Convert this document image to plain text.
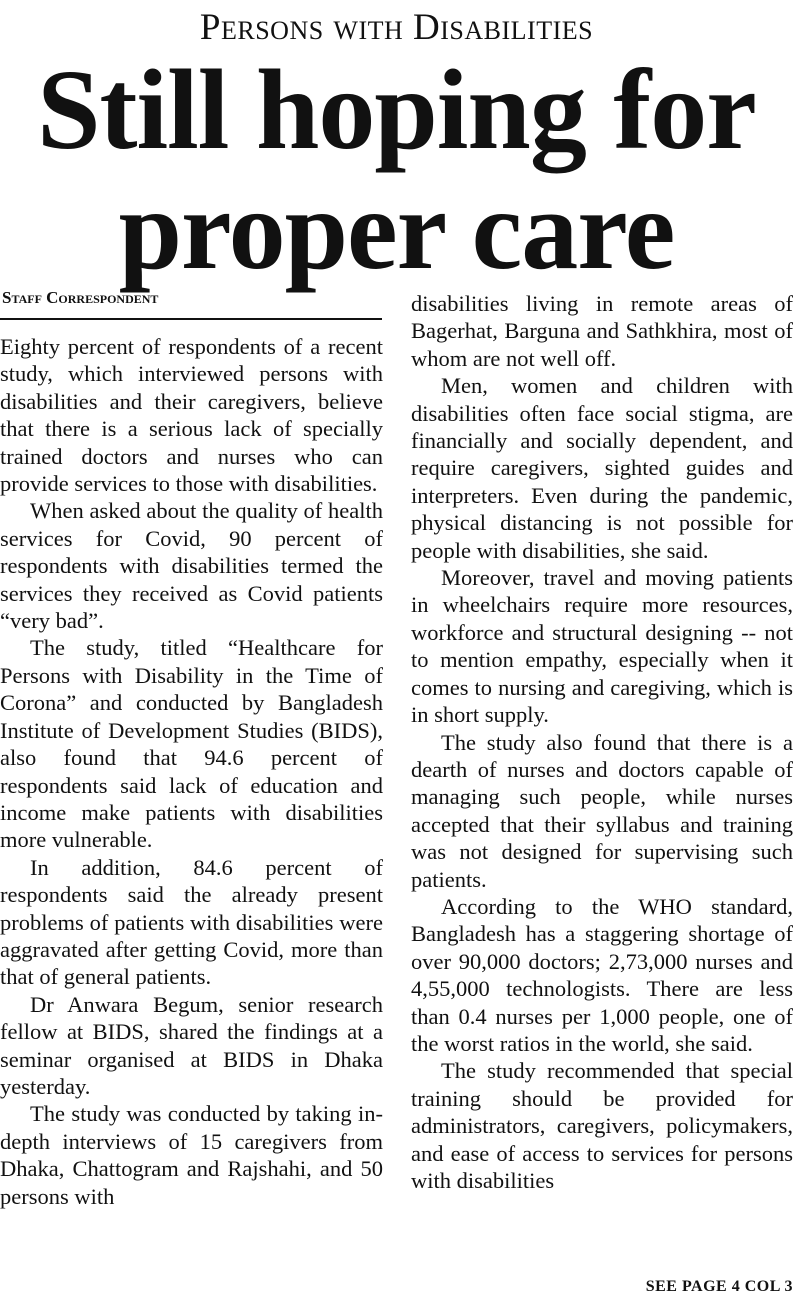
Persons with Disabilities
Still hoping for
proper care
Staff Correspondent

Eighty percent of respondents of a recent study, which interviewed persons with disabilities and their caregivers, believe that there is a serious lack of specially trained doctors and nurses who can provide services to those with disabilities.

When asked about the quality of health services for Covid, 90 percent of respondents with disabilities termed the services they received as Covid patients “very bad”.

The study, titled “Healthcare for Persons with Disability in the Time of Corona” and conducted by Bangladesh Institute of Development Studies (BIDS), also found that 94.6 percent of respondents said lack of education and income make patients with disabilities more vulnerable.

In addition, 84.6 percent of respondents said the already present problems of patients with disabilities were aggravated after getting Covid, more than that of general patients.

Dr Anwara Begum, senior research fellow at BIDS, shared the findings at a seminar organised at BIDS in Dhaka yesterday.

The study was conducted by taking in-depth interviews of 15 caregivers from Dhaka, Chattogram and Rajshahi, and 50 persons with

disabilities living in remote areas of Bagerhat, Barguna and Sathkhira, most of whom are not well off.

Men, women and children with disabilities often face social stigma, are financially and socially dependent, and require caregivers, sighted guides and interpreters. Even during the pandemic, physical distancing is not possible for people with disabilities, she said.

Moreover, travel and moving patients in wheelchairs require more resources, workforce and structural designing -- not to mention empathy, especially when it comes to nursing and caregiving, which is in short supply.

The study also found that there is a dearth of nurses and doctors capable of managing such people, while nurses accepted that their syllabus and training was not designed for supervising such patients.

According to the WHO standard, Bangladesh has a staggering shortage of over 90,000 doctors; 2,73,000 nurses and 4,55,000 technologists. There are less than 0.4 nurses per 1,000 people, one of the worst ratios in the world, she said.

The study recommended that special training should be provided for administrators, caregivers, policymakers, and ease of access to services for persons with disabilities

SEE PAGE 4 COL 3
